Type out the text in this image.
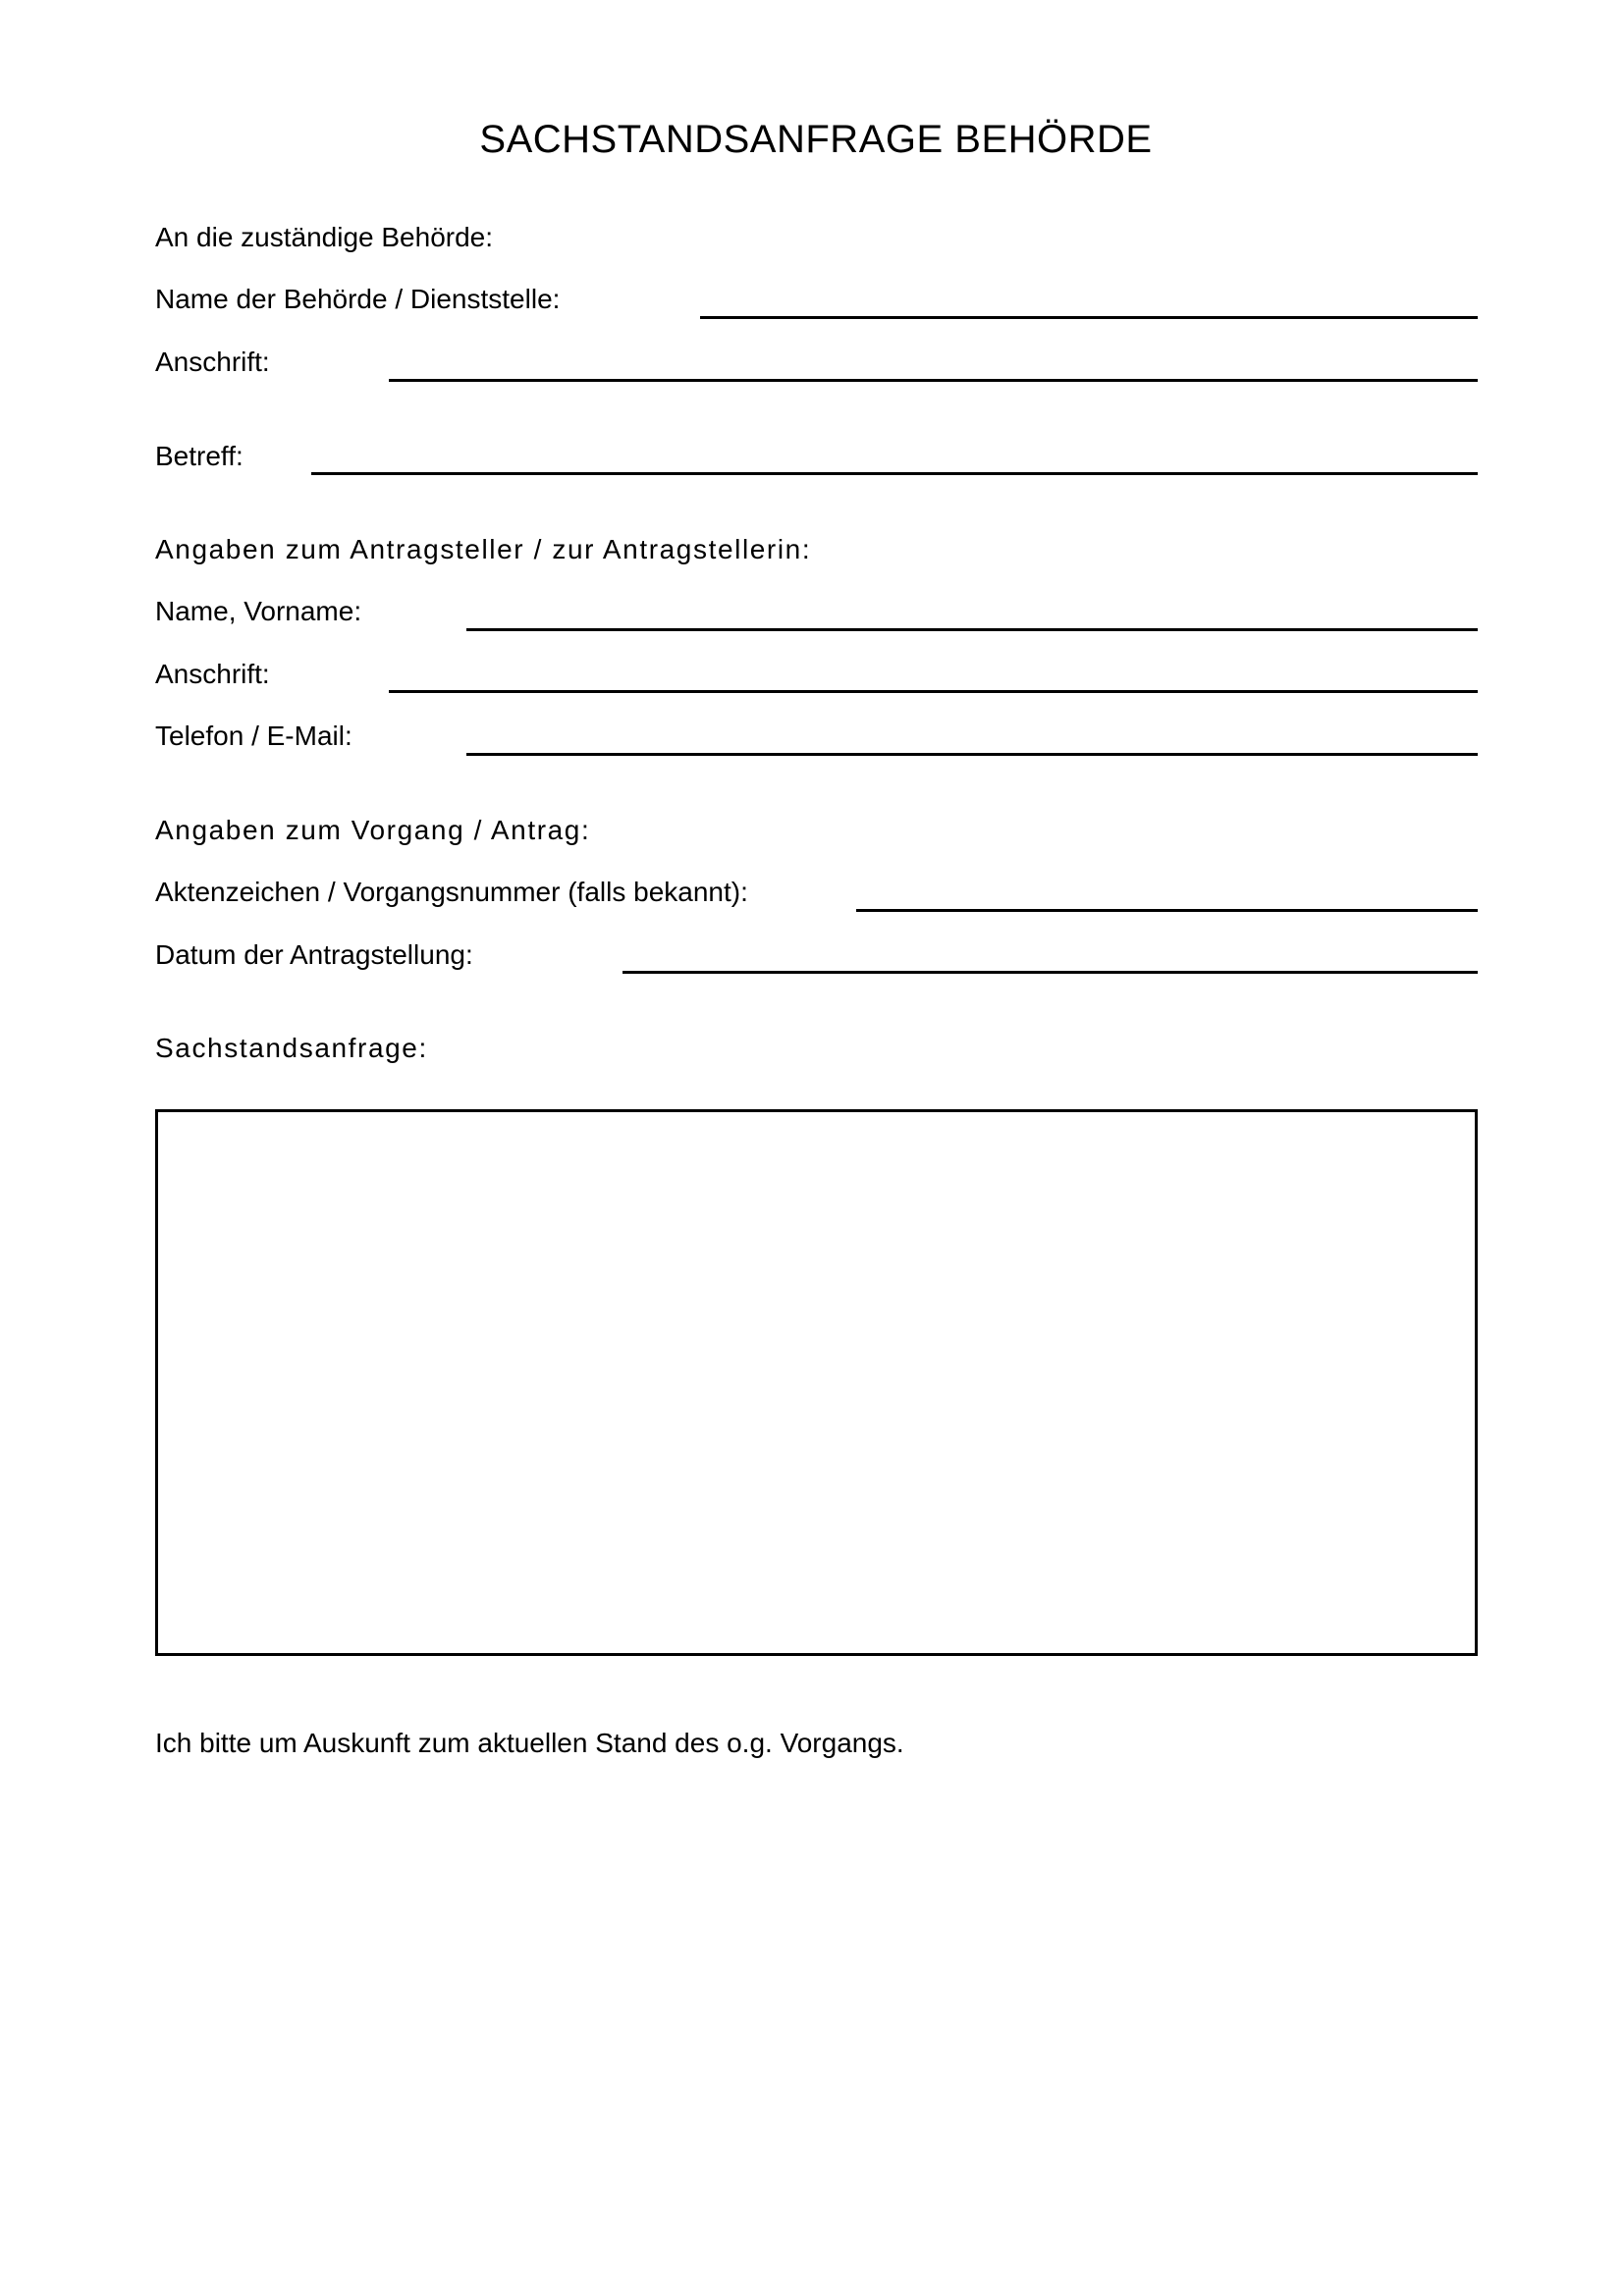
SACHSTANDSANFRAGE BEHÖRDE
An die zuständige Behörde:
Name der Behörde / Dienststelle:
Anschrift:
Betreff:
Angaben zum Antragsteller / zur Antragstellerin:
Name, Vorname:
Anschrift:
Telefon / E-Mail:
Angaben zum Vorgang / Antrag:
Aktenzeichen / Vorgangsnummer (falls bekannt):
Datum der Antragstellung:
Sachstandsanfrage:
Ich bitte um Auskunft zum aktuellen Stand des o.g. Vorgangs.
